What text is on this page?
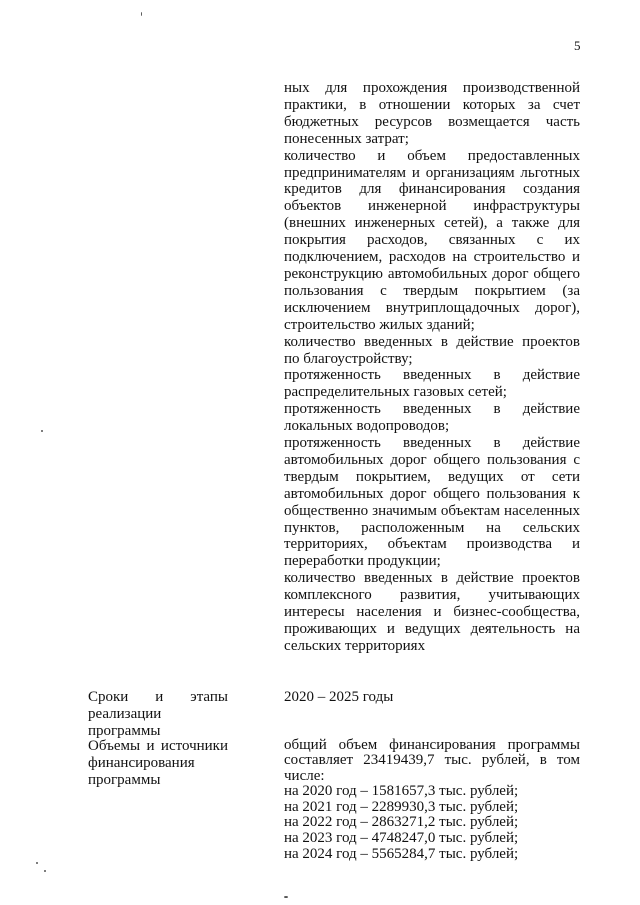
5

ных для прохождения производственной практики, в отношении которых за счет бюджетных ресурсов возмещается часть понесенных затрат;

количество и объем предоставленных предпринимателям и организациям льготных кредитов для финансирования создания объектов инженерной инфраструктуры (внешних инженерных сетей), а также для покрытия расходов, связанных с их подключением, расходов на строительство и реконструкцию автомобильных дорог общего пользования с твердым покрытием (за исключением внутриплощадочных дорог), строительство жилых зданий;

количество введенных в действие проектов по благоустройству;

протяженность введенных в действие распределительных газовых сетей;

протяженность введенных в действие локальных водопроводов;

протяженность введенных в действие автомобильных дорог общего пользования с твердым покрытием, ведущих от сети автомобильных дорог общего пользования к общественно значимым объектам населенных пунктов, расположенным на сельских территориях, объектам производства и переработки продукции;

количество введенных в действие проектов комплексного развития, учитывающих интересы населения и бизнес-сообщества, проживающих и ведущих деятельность на сельских территориях

Сроки и этапы реализации программы
2020 – 2025 годы
Объемы и источники финансирования программы

общий объем финансирования программы составляет 23419439,7 тыс. рублей, в том числе:

на 2020 год – 1581657,3 тыс. рублей;
на 2021 год – 2289930,3 тыс. рублей;
на 2022 год – 2863271,2 тыс. рублей;
на 2023 год – 4748247,0 тыс. рублей;
на 2024 год – 5565284,7 тыс. рублей;
